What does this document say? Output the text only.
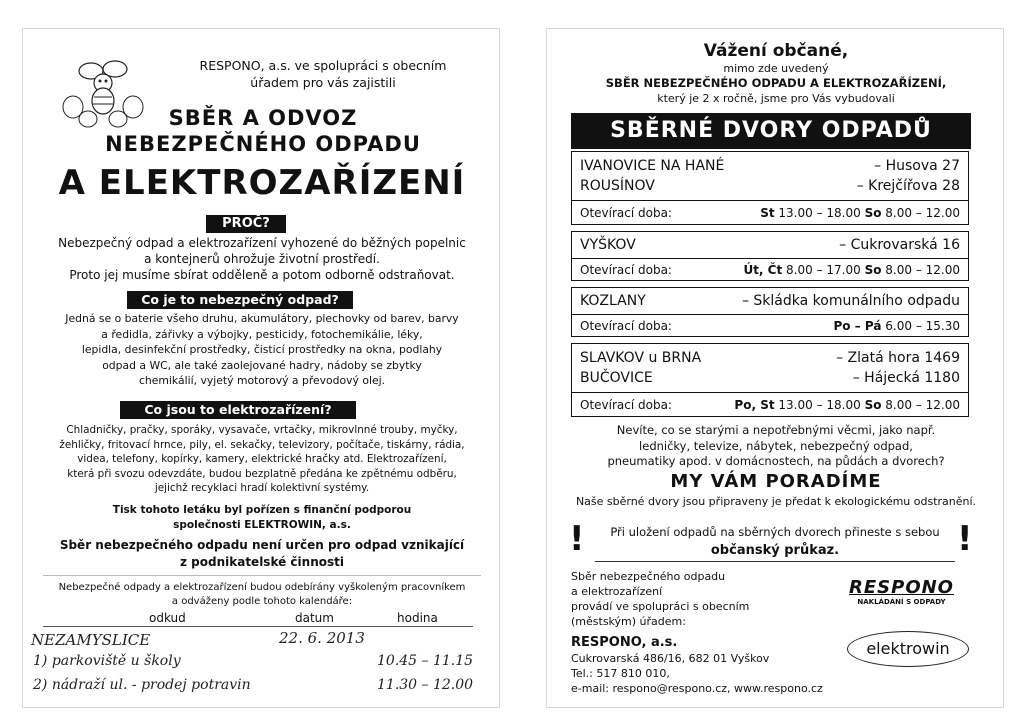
RESPONO, a.s. ve spolupráci s obecním
úřadem pro vás zajistili
SBĚR A ODVOZ
NEBEZPEČNÉHO ODPADU
A ELEKTROZAŘÍZENÍ
PROČ?
Nebezpečný odpad a elektrozařízení vyhozené do běžných popelnic
a kontejnerů ohrožuje životní prostředí.
Proto jej musíme sbírat odděleně a potom odborně odstraňovat.
Co je to nebezpečný odpad?
Jedná se o baterie všeho druhu, akumulátory, plechovky od barev, barvy
a ředidla, zářivky a výbojky, pesticidy, fotochemikálie, léky,
lepidla, desinfekční prostředky, čisticí prostředky na okna, podlahy
odpad a WC, ale také zaolejované hadry, nádoby se zbytky
chemikálií, vyjetý motorový a převodový olej.
Co jsou to elektrozařízení?
Chladničky, pračky, sporáky, vysavače, vrtačky, mikrovlnné trouby, myčky,
žehličky, fritovací hrnce, pily, el. sekačky, televizory, počítače, tiskárny, rádia,
videa, telefony, kopírky, kamery, elektrické hračky atd. Elektrozařízení,
která při svozu odevzdáte, budou bezplatně předána ke zpětnému odběru,
jejichž recyklaci hradí kolektivní systémy.
Tisk tohoto letáku byl pořízen s finanční podporou
společnosti ELEKTROWIN, a.s.
Sběr nebezpečného odpadu není určen pro odpad vznikající
z podnikatelské činnosti
Nebezpečné odpady a elektrozařízení budou odebírány vyškoleným pracovníkem
a odváženy podle tohoto kalendáře:
odkud	datum	hodina
NEZAMYSLICE	22. 6. 2013
1) parkoviště u školy	10.45 – 11.15
2) nádraží ul. - prodej potravin	11.30 – 12.00
Vážení občané,
mimo zde uvedený
SBĚR NEBEZPEČNÉHO ODPADU A ELEKTROZAŘÍZENÍ,
který je 2 x ročně, jsme pro Vás vybudovali
SBĚRNÉ DVORY ODPADŮ
IVANOVICE NA HANÉ	– Husova 27
ROUSÍNOV	– Krejčířova 28
Otevírací doba:	St 13.00 – 18.00 So 8.00 – 12.00
VYŠKOV	– Cukrovarská 16
Otevírací doba:	Út, Čt 8.00 – 17.00 So 8.00 – 12.00
KOZLANY	– Skládka komunálního odpadu
Otevírací doba:	Po – Pá 6.00 – 15.30
SLAVKOV u BRNA	– Zlatá hora 1469
BUČOVICE	– Hájecká 1180
Otevírací doba:	Po, St 13.00 – 18.00 So 8.00 – 12.00
Nevíte, co se starými a nepotřebnými věcmi, jako např.
ledničky, televize, nábytek, nebezpečný odpad,
pneumatiky apod. v domácnostech, na půdách a dvorech?
MY VÁM PORADÍME
Naše sběrné dvory jsou připraveny je předat k ekologickému odstranění.
!	Při uložení odpadů na sběrných dvorech přineste s sebou
občanský průkaz.	!
Sběr nebezpečného odpadu
a elektrozařízení
provádí ve spolupráci s obecním
(městským) úřadem:
RESPONO
NAKLÁDÁNÍ S ODPADY
RESPONO, a.s.
Cukrovarská 486/16, 682 01 Vyškov
Tel.: 517 810 010,
e-mail: respono@respono.cz, www.respono.cz
elektrowin
